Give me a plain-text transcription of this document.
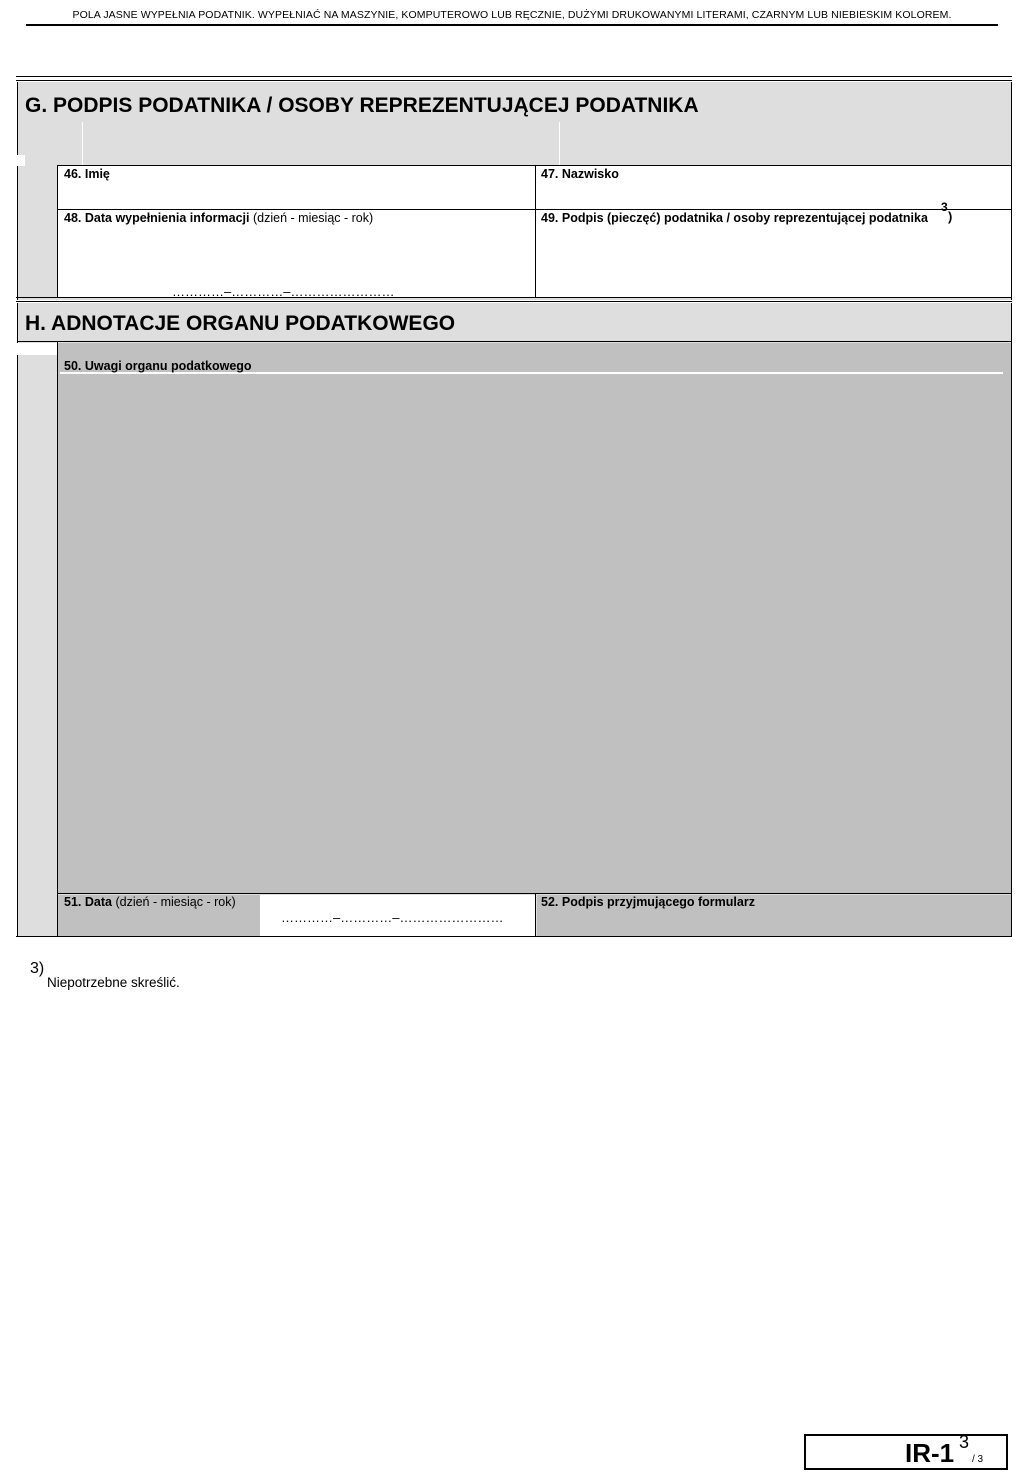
POLA JASNE WYPEŁNIA PODATNIK. WYPEŁNIAĆ NA MASZYNIE, KOMPUTEROWO LUB RĘCZNIE, DUŻYMI DRUKOWANYMI LITERAMI, CZARNYM LUB NIEBIESKIM KOLOREM.
G. PODPIS PODATNIKA / OSOBY REPREZENTUJĄCEJ PODATNIKA
46. Imię	47. Nazwisko
48. Data wypełnienia informacji (dzień - miesiąc - rok)
…………–…………–……………………
49. Podpis (pieczęć) podatnika / osoby reprezentującej podatnika
3
)
H. ADNOTACJE ORGANU PODATKOWEGO
50. Uwagi organu podatkowego
51. Data (dzień - miesiąc - rok)
…………–…………–……………………
52. Podpis przyjmującego formularz
3)
Niepotrzebne skreślić.
IR-1 3
/ 3
